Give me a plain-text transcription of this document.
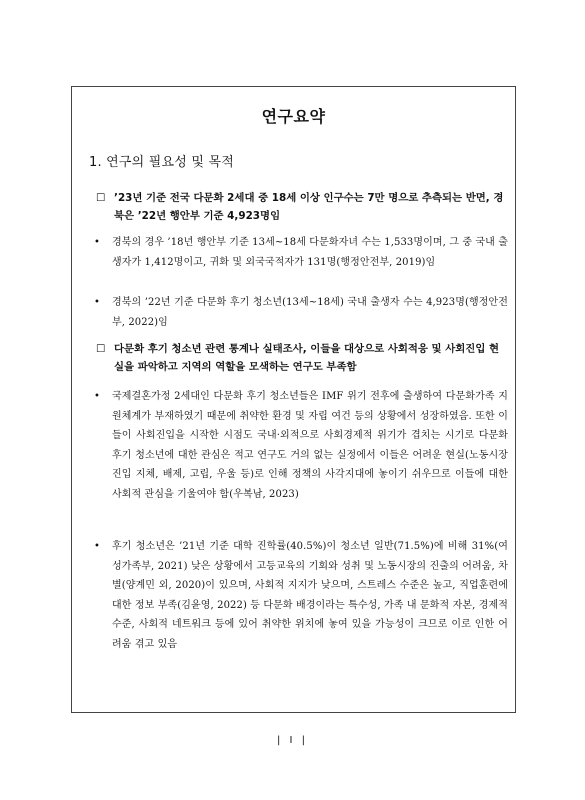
연구요약
1. 연구의 필요성 및 목적
☐ ’23년 기준 전국 다문화 2세대 중 18세 이상 인구수는 7만 명으로 추측되는 반면, 경북은 ’22년 행안부 기준 4,923명임
•	경북의 경우 ’18년 행안부 기준 13세~18세 다문화자녀 수는 1,533명이며, 그 중 국내 출생자가 1,412명이고, 귀화 및 외국국적자가 131명(행정안전부, 2019)임
•	경북의 ’22년 기준 다문화 후기 청소년(13세~18세) 국내 출생자 수는 4,923명(행정안전부, 2022)임
☐ 다문화 후기 청소년 관련 통계나 실태조사, 이들을 대상으로 사회적응 및 사회진입 현실을 파악하고 지역의 역할을 모색하는 연구도 부족함
•	국제결혼가정 2세대인 다문화 후기 청소년들은 IMF 위기 전후에 출생하여 다문화가족 지원체계가 부재하였기 때문에 취약한 환경 및 자립 여건 등의 상황에서 성장하였음. 또한 이들이 사회진입을 시작한 시점도 국내·외적으로 사회경제적 위기가 겹치는 시기로 다문화 후기 청소년에 대한 관심은 적고 연구도 거의 없는 실정에서 이들은 어려운 현실(노동시장 진입 지체, 배제, 고립, 우울 등)로 인해 정책의 사각지대에 놓이기 쉬우므로 이들에 대한 사회적 관심을 기울여야 함(우복남, 2023)
•	후기 청소년은 ’21년 기준 대학 진학률(40.5%)이 청소년 일반(71.5%)에 비해 31%(여성가족부, 2021) 낮은 상황에서 고등교육의 기회와 성취 및 노동시장의 진출의 어려움, 차별(양계민 외, 2020)이 있으며, 사회적 지지가 낮으며, 스트레스 수준은 높고, 직업훈련에 대한 정보 부족(김윤영, 2022) 등 다문화 배경이라는 특수성, 가족 내 문화적 자본, 경제적 수준, 사회적 네트워크 등에 있어 취약한 위치에 놓여 있을 가능성이 크므로 이로 인한 어려움 겪고 있음
| I |
